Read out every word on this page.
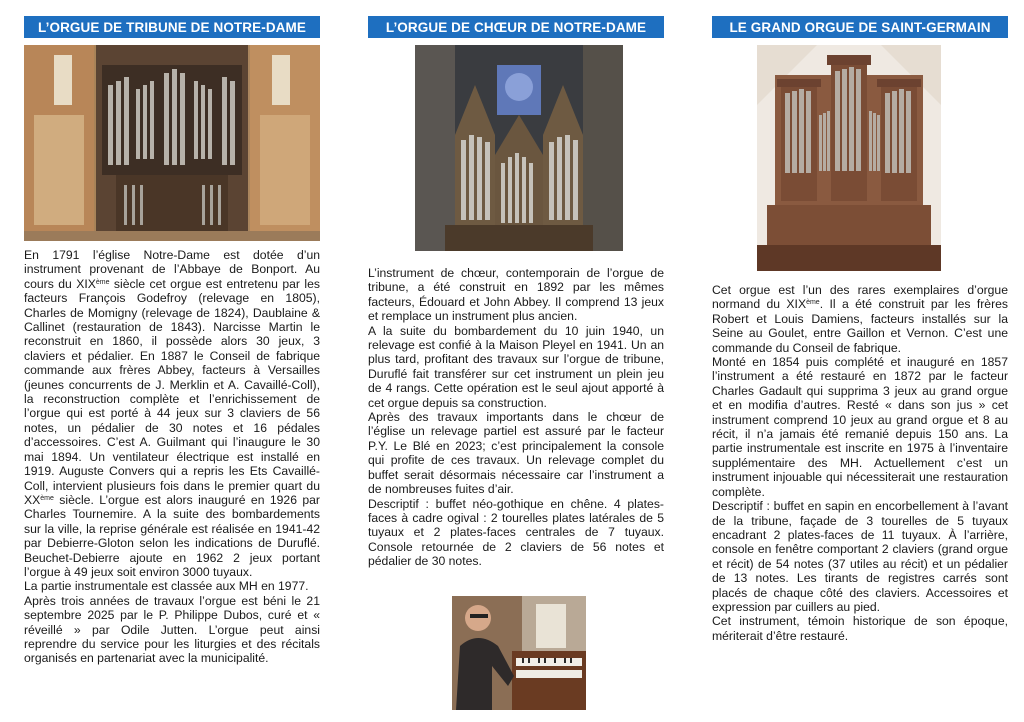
L’ORGUE DE TRIBUNE DE NOTRE-DAME

En 1791 l’église Notre-Dame est dotée d’un instrument provenant de l’Abbaye de Bonport. Au cours du XIXème siècle cet orgue est entretenu par les facteurs François Godefroy (relevage en 1805), Charles de Momigny (relevage de 1824), Daublaine & Callinet (restauration de 1843). Narcisse Martin le reconstruit en 1860, il possède alors 30 jeux, 3 claviers et pédalier. En 1887 le Conseil de fabrique commande aux frères Abbey, facteurs à Versailles (jeunes concurrents de J. Merklin et A. Cavaillé-Coll), la reconstruction complète et l’enrichissement de l’orgue qui est porté à 44 jeux sur 3 claviers de 56 notes, un pédalier de 30 notes et 16 pédales d’accessoires. C’est A. Guilmant qui l’inaugure le 30 mai 1894. Un ventilateur électrique est installé en 1919. Auguste Convers qui a repris les Ets Cavaillé-Coll, intervient plusieurs fois dans le premier quart du XXème siècle. L’orgue est alors inauguré en 1926 par Charles Tournemire. A la suite des bombardements sur la ville, la reprise générale est réalisée en 1941-42 par Debierre-Gloton selon les indications de Duruflé. Beuchet-Debierre ajoute en 1962 2 jeux portant l’orgue à 49 jeux soit environ 3000 tuyaux.

La partie instrumentale est classée aux MH en 1977.

Après trois années de travaux l’orgue est béni le 21 septembre 2025 par le P. Philippe Dubos, curé et « réveillé » par Odile Jutten. L’orgue peut ainsi reprendre du service pour les liturgies et des récitals organisés en partenariat avec la municipalité.

L’ORGUE DE CHŒUR DE NOTRE-DAME

L’instrument de chœur, contemporain de l’orgue de tribune, a été construit en 1892 par les mêmes facteurs, Édouard et John Abbey. Il comprend 13 jeux et remplace un instrument plus ancien.

A la suite du bombardement du 10 juin 1940, un relevage est confié à la Maison Pleyel en 1941. Un an plus tard, profitant des travaux sur l’orgue de tribune, Duruflé fait transférer sur cet instrument un plein jeu de 4 rangs. Cette opération est le seul ajout apporté à cet orgue depuis sa construction.

Après des travaux importants dans le chœur de l’église un relevage partiel est assuré par le facteur P.Y. Le Blé en 2023; c’est principalement la console qui profite de ces travaux. Un relevage complet du buffet serait désormais nécessaire car l’instrument a de nombreuses fuites d’air.

Descriptif : buffet néo-gothique en chêne. 4 plates-faces à cadre ogival : 2 tourelles plates latérales de 5 tuyaux et 2 plates-faces centrales de 7 tuyaux. Console retournée de 2 claviers de 56 notes et pédalier de 30 notes.

LE GRAND ORGUE DE SAINT-GERMAIN

Cet orgue est l’un des rares exemplaires d’orgue normand du XIXème. Il a été construit par les frères Robert et Louis Damiens, facteurs installés sur la Seine au Goulet, entre Gaillon et Vernon. C’est une commande du Conseil de fabrique.

Monté en 1854 puis complété et inauguré en 1857 l’instrument a été restauré en 1872 par le facteur Charles Gadault qui supprima 3 jeux au grand orgue et en modifia d’autres. Resté « dans son jus » cet instrument comprend 10 jeux au grand orgue et 8 au récit, il n’a jamais été remanié depuis 150 ans. La partie instrumentale est inscrite en 1975 à l’inventaire supplémentaire des MH. Actuellement c’est un instrument injouable qui nécessiterait une restauration complète.

Descriptif : buffet en sapin en encorbellement à l’avant de la tribune, façade de 3 tourelles de 5 tuyaux encadrant 2 plates-faces de 11 tuyaux. À l’arrière, console en fenêtre comportant 2 claviers (grand orgue et récit) de 54 notes (37 utiles au récit) et un pédalier de 13 notes. Les tirants de registres carrés sont placés de chaque côté des claviers. Accessoires et expression par cuillers au pied.

Cet instrument, témoin historique de son époque, mériterait d’être restauré.
